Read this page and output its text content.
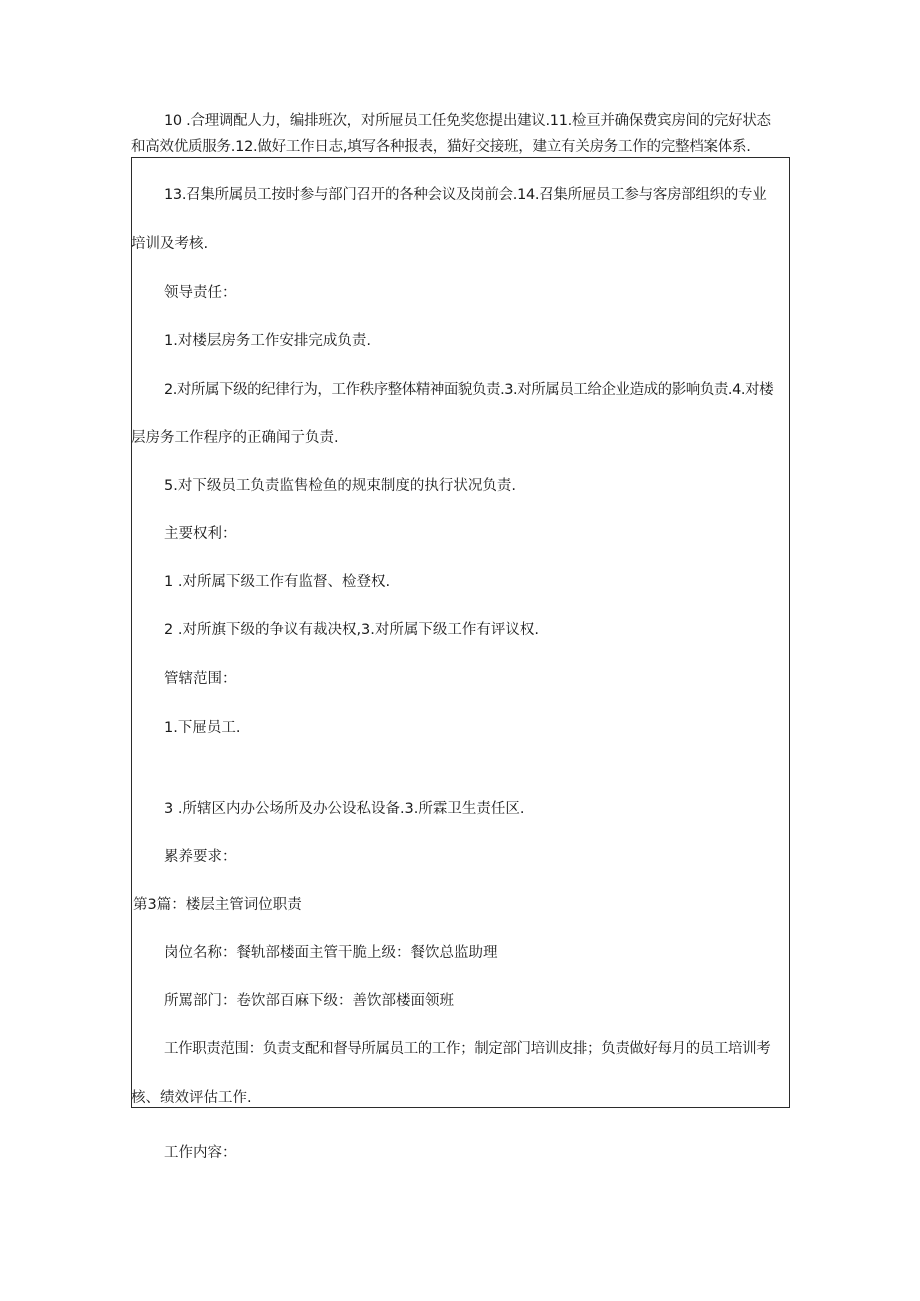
10 .合理调配人力，编排班次，对所屉员工任免奖您提出建议.11.检亘并确保费宾房间的完好状态

和高效优质服务.12.做好工作日志,填写各种报表，猫好交接班，建立有关房务工作的完整档案体系.

13.召集所属员工按时参与部门召开的各种会议及岗前会.14.召集所屉员工参与客房部组织的专业

培训及考核.

领导责任：

1.对楼层房务工作安排完成负责.

2.对所属下级的纪律行为，工作秩序整体精神面貌负责.3.对所属员工给企业造成的影响负责.4.对楼

层房务工作程序的正确闻亍负责.

5.对下级员工负责监售检鱼的规束制度的执行状况负责.

主要权利：

1 .对所属下级工作有监督、检登权.

2 .对所旗下级的争议有裁决权,3.对所属下级工作有评议权.

管辖范围：

1.下屉员工.

3 .所辖区内办公场所及办公设私设备.3.所霖卫生责任区.

累养要求：

第3篇：楼层主管词位职责

岗位名称：餐轨部楼面主管干脆上级：餐饮总监助理

所罵部门：卷饮部百麻下级：善饮部楼面领班

工作职责范围：负责支配和督导所属员工的工作；制定部门培训皮排；负责做好每月的员工培训考

核、绩效评估工作.

工作内容：
